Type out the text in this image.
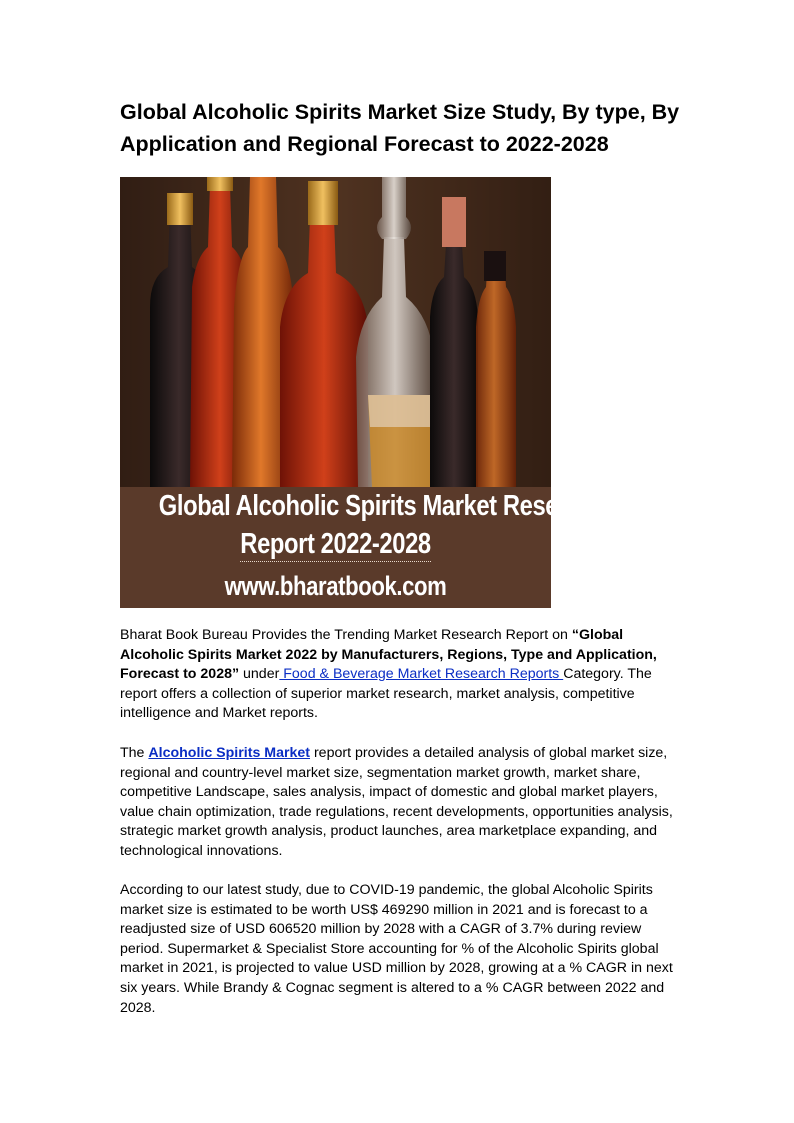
Global Alcoholic Spirits Market Size Study, By type, By Application and Regional Forecast to 2022-2028
Global Alcoholic Spirits Market Research
Report 2022-2028
www.bharatbook.com

Bharat Book Bureau Provides the Trending Market Research Report on “Global Alcoholic Spirits Market 2022 by Manufacturers, Regions, Type and Application, Forecast to 2028” under Food & Beverage Market Research Reports Category. The report offers a collection of superior market research, market analysis, competitive intelligence and Market reports.

The Alcoholic Spirits Market report provides a detailed analysis of global market size, regional and country-level market size, segmentation market growth, market share, competitive Landscape, sales analysis, impact of domestic and global market players, value chain optimization, trade regulations, recent developments, opportunities analysis, strategic market growth analysis, product launches, area marketplace expanding, and technological innovations.

According to our latest study, due to COVID-19 pandemic, the global Alcoholic Spirits market size is estimated to be worth US$ 469290 million in 2021 and is forecast to a readjusted size of USD 606520 million by 2028 with a CAGR of 3.7% during review period. Supermarket & Specialist Store accounting for % of the Alcoholic Spirits global market in 2021, is projected to value USD million by 2028, growing at a % CAGR in next six years. While Brandy & Cognac segment is altered to a % CAGR between 2022 and 2028.
